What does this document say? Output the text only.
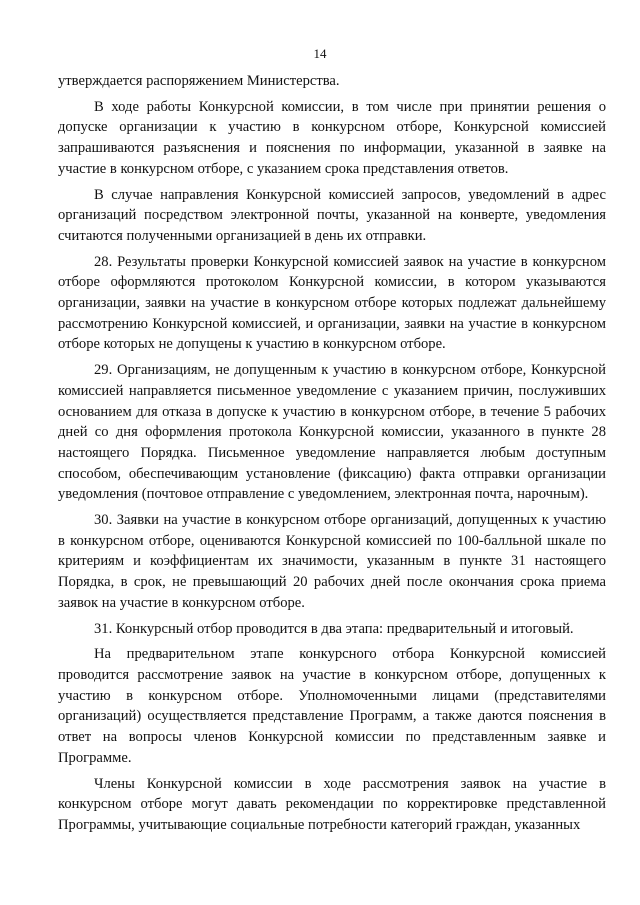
14

утверждается распоряжением Министерства.

В ходе работы Конкурсной комиссии, в том числе при принятии решения о допуске организации к участию в конкурсном отборе, Конкурсной комиссией запрашиваются разъяснения и пояснения по информации, указанной в заявке на участие в конкурсном отборе, с указанием срока представления ответов.

В случае направления Конкурсной комиссией запросов, уведомлений в адрес организаций посредством электронной почты, указанной на конверте, уведомления считаются полученными организацией в день их отправки.

28. Результаты проверки Конкурсной комиссией заявок на участие в конкурсном отборе оформляются протоколом Конкурсной комиссии, в котором указываются организации, заявки на участие в конкурсном отборе которых подлежат дальнейшему рассмотрению Конкурсной комиссией, и организации, заявки на участие в конкурсном отборе которых не допущены к участию в конкурсном отборе.

29. Организациям, не допущенным к участию в конкурсном отборе, Конкурсной комиссией направляется письменное уведомление с указанием причин, послуживших основанием для отказа в допуске к участию в конкурсном отборе, в течение 5 рабочих дней со дня оформления протокола Конкурсной комиссии, указанного в пункте 28 настоящего Порядка. Письменное уведомление направляется любым доступным способом, обеспечивающим установление (фиксацию) факта отправки организации уведомления (почтовое отправление с уведомлением, электронная почта, нарочным).

30. Заявки на участие в конкурсном отборе организаций, допущенных к участию в конкурсном отборе, оцениваются Конкурсной комиссией по 100-балльной шкале по критериям и коэффициентам их значимости, указанным в пункте 31 настоящего Порядка, в срок, не превышающий 20 рабочих дней после окончания срока приема заявок на участие в конкурсном отборе.

31. Конкурсный отбор проводится в два этапа: предварительный и итоговый.

На предварительном этапе конкурсного отбора Конкурсной комиссией проводится рассмотрение заявок на участие в конкурсном отборе, допущенных к участию в конкурсном отборе. Уполномоченными лицами (представителями организаций) осуществляется представление Программ, а также даются пояснения в ответ на вопросы членов Конкурсной комиссии по представленным заявке и Программе.

Члены Конкурсной комиссии в ходе рассмотрения заявок на участие в конкурсном отборе могут давать рекомендации по корректировке представленной Программы, учитывающие социальные потребности категорий граждан, указанных
